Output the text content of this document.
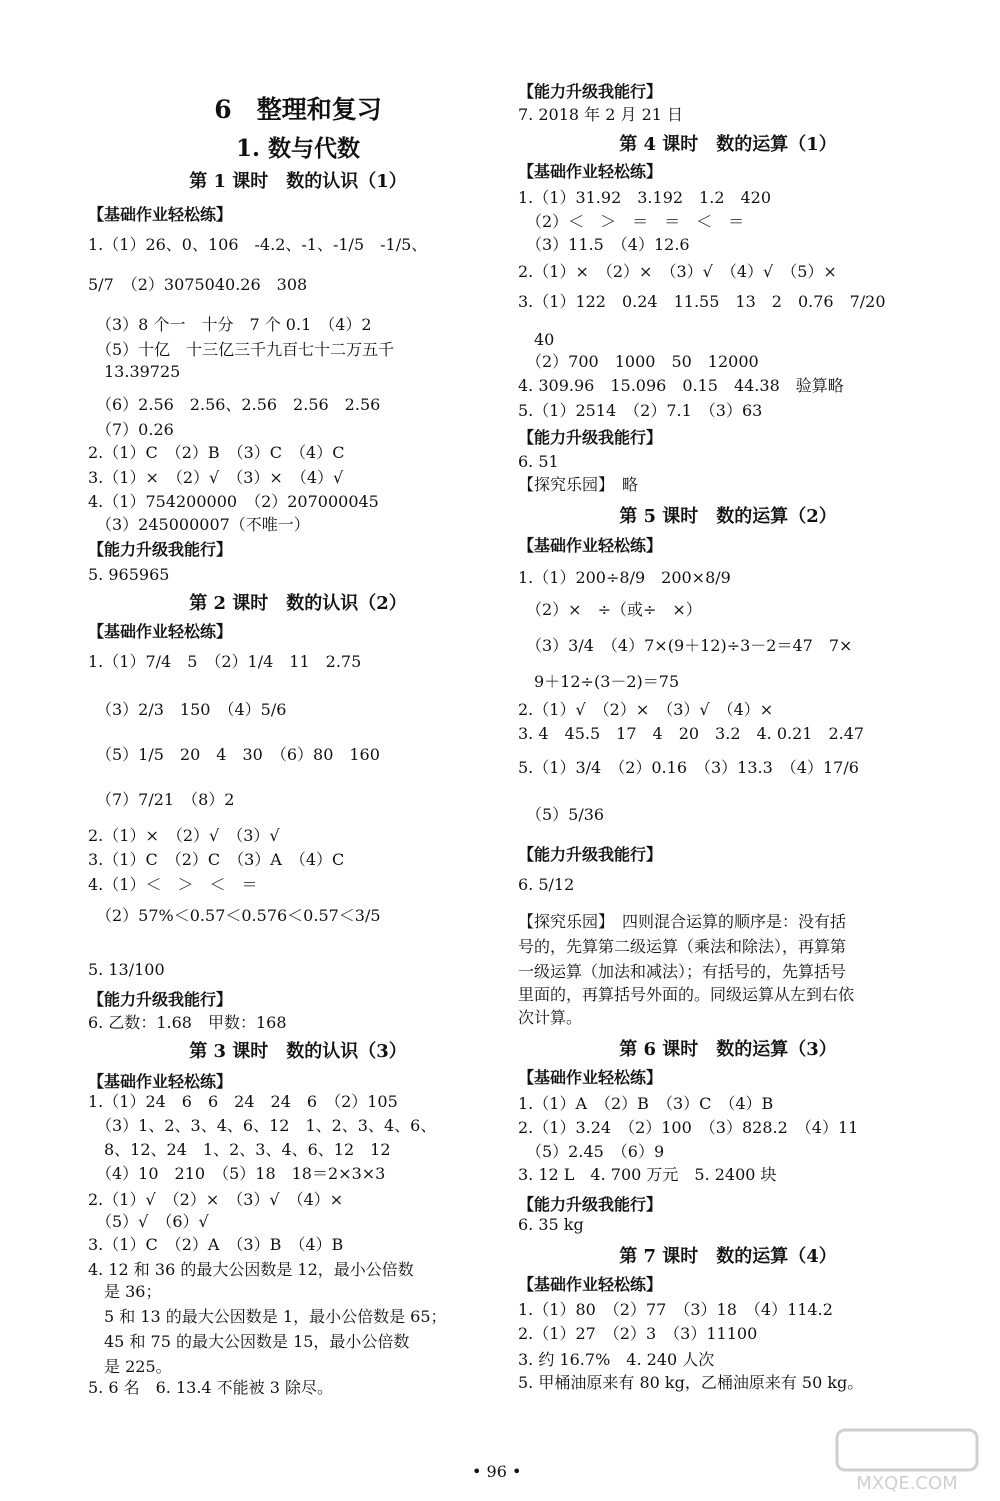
6　整理和复习
1. 数与代数
第 1 课时　数的认识（1）
【基础作业轻松练】
1.（1）26、0、106　-4.2、-1、-1/5　-1/5、
5/7　（2）3075040.26　308
　（3）8 个一　十分　7 个 0.1　（4）2
　（5）十亿　十三亿三千九百七十二万五千
　13.39725
　（6）2.56　2.56、2.56　2.56　2.56
　（7）0.26
2.（1）C　（2）B　（3）C　（4）C
3.（1）×　（2）√　（3）×　（4）√
4.（1）754200000　（2）207000045
　（3）245000007（不唯一）
【能力升级我能行】
5. 965965
第 2 课时　数的认识（2）
【基础作业轻松练】
1.（1）7/4　5　（2）1/4　11　2.75
　（3）2/3　150　（4）5/6
　（5）1/5　20　4　30　（6）80　160
　（7）7/21　（8）2
2.（1）×　（2）√　（3）√
3.（1）C　（2）C　（3）A　（4）C
4.（1）＜　＞　＜　＝
　（2）57%＜0.57＜0.576＜0.57＜3/5
5. 13/100
【能力升级我能行】
6. 乙数：1.68　甲数：168
第 3 课时　数的认识（3）
【基础作业轻松练】
1.（1）24　6　6　24　24　6　（2）105
　（3）1、2、3、4、6、12　1、2、3、4、6、
　8、12、24　1、2、3、4、6、12　12
　（4）10　210　（5）18　18＝2×3×3
2.（1）√　（2）×　（3）√　（4）×
　（5）√　（6）√
3.（1）C　（2）A　（3）B　（4）B
4. 12 和 36 的最大公因数是 12，最小公倍数
　是 36；
　5 和 13 的最大公因数是 1，最小公倍数是 65；
　45 和 75 的最大公因数是 15，最小公倍数
　是 225。
5. 6 名　6. 13.4 不能被 3 除尽。
【能力升级我能行】
7. 2018 年 2 月 21 日
第 4 课时　数的运算（1）
【基础作业轻松练】
1.（1）31.92　3.192　1.2　420
　（2）＜　＞　＝　＝　＜　＝
　（3）11.5　（4）12.6
2.（1）×　（2）×　（3）√　（4）√　（5）×
3.（1）122　0.24　11.55　13　2　0.76　7/20
　40
　（2）700　1000　50　12000
4. 309.96　15.096　0.15　44.38　验算略
5.（1）2514　（2）7.1　（3）63
【能力升级我能行】
6. 51
【探究乐园】　略
第 5 课时　数的运算（2）
【基础作业轻松练】
1.（1）200÷8/9　200×8/9
　（2）×　÷（或÷　×）
　（3）3/4　（4）7×(9＋12)÷3－2＝47　7×
　9＋12÷(3－2)＝75
2.（1）√　（2）×　（3）√　（4）×
3. 4　45.5　17　4　20　3.2　4. 0.21　2.47
5.（1）3/4　（2）0.16　（3）13.3　（4）17/6
　（5）5/36
【能力升级我能行】
6. 5/12
【探究乐园】　四则混合运算的顺序是：没有括
号的，先算第二级运算（乘法和除法），再算第
一级运算（加法和减法）；有括号的，先算括号
里面的，再算括号外面的。同级运算从左到右依
次计算。
第 6 课时　数的运算（3）
【基础作业轻松练】
1.（1）A　（2）B　（3）C　（4）B
2.（1）3.24　（2）100　（3）828.2　（4）11
　（5）2.45　（6）9
3. 12 L　4. 700 万元　5. 2400 块
【能力升级我能行】
6. 35 kg
第 7 课时　数的运算（4）
【基础作业轻松练】
1.（1）80　（2）77　（3）18　（4）114.2
2.（1）27　（2）3　（3）11100
3. 约 16.7%　4. 240 人次
5. 甲桶油原来有 80 kg，乙桶油原来有 50 kg。
• 96 •
MXQE.COM
